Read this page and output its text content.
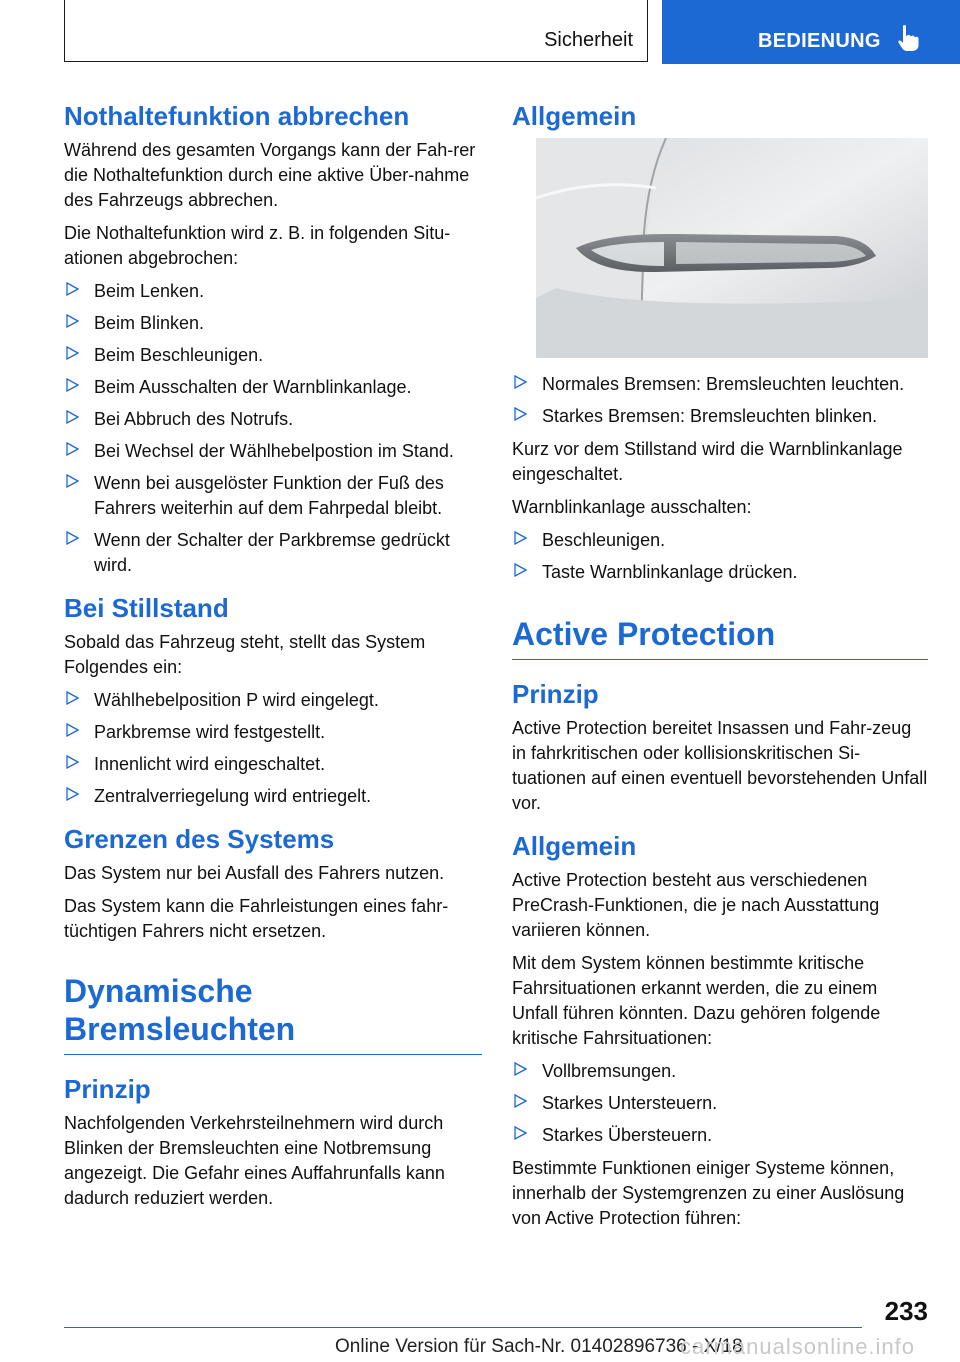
Sicherheit	BEDIENUNG
Nothaltefunktion abbrechen

Während des gesamten Vorgangs kann der Fah‐rer die Nothaltefunktion durch eine aktive Über‐nahme des Fahrzeugs abbrechen.

Die Nothaltefunktion wird z. B. in folgenden Situ‐ationen abgebrochen:

Beim Lenken.
Beim Blinken.
Beim Beschleunigen.
Beim Ausschalten der Warnblinkanlage.
Bei Abbruch des Notrufs.
Bei Wechsel der Wählhebelpostion im Stand.
Wenn bei ausgelöster Funktion der Fuß des Fahrers weiterhin auf dem Fahrpedal bleibt.
Wenn der Schalter der Parkbremse gedrückt wird.
Bei Stillstand

Sobald das Fahrzeug steht, stellt das System Folgendes ein:

Wählhebelposition P wird eingelegt.
Parkbremse wird festgestellt.
Innenlicht wird eingeschaltet.
Zentralverriegelung wird entriegelt.
Grenzen des Systems

Das System nur bei Ausfall des Fahrers nutzen.

Das System kann die Fahrleistungen eines fahr‐tüchtigen Fahrers nicht ersetzen.

Dynamische
Bremsleuchten
Prinzip

Nachfolgenden Verkehrsteilnehmern wird durch Blinken der Bremsleuchten eine Notbremsung angezeigt. Die Gefahr eines Auffahrunfalls kann dadurch reduziert werden.

Allgemein
Normales Bremsen: Bremsleuchten leuchten.
Starkes Bremsen: Bremsleuchten blinken.

Kurz vor dem Stillstand wird die Warnblinkanlage eingeschaltet.

Warnblinkanlage ausschalten:

Beschleunigen.
Taste Warnblinkanlage drücken.
Active Protection
Prinzip

Active Protection bereitet Insassen und Fahr‐zeug in fahrkritischen oder kollisionskritischen Si‐tuationen auf einen eventuell bevorstehenden Unfall vor.

Allgemein

Active Protection besteht aus verschiedenen PreCrash-Funktionen, die je nach Ausstattung variieren können.

Mit dem System können bestimmte kritische Fahrsituationen erkannt werden, die zu einem Unfall führen könnten. Dazu gehören folgende kritische Fahrsituationen:

Vollbremsungen.
Starkes Untersteuern.
Starkes Übersteuern.

Bestimmte Funktionen einiger Systeme können, innerhalb der Systemgrenzen zu einer Auslösung von Active Protection führen:

233
Online Version für Sach-Nr. 01402896736 - X/18
carmanualsonline.info
